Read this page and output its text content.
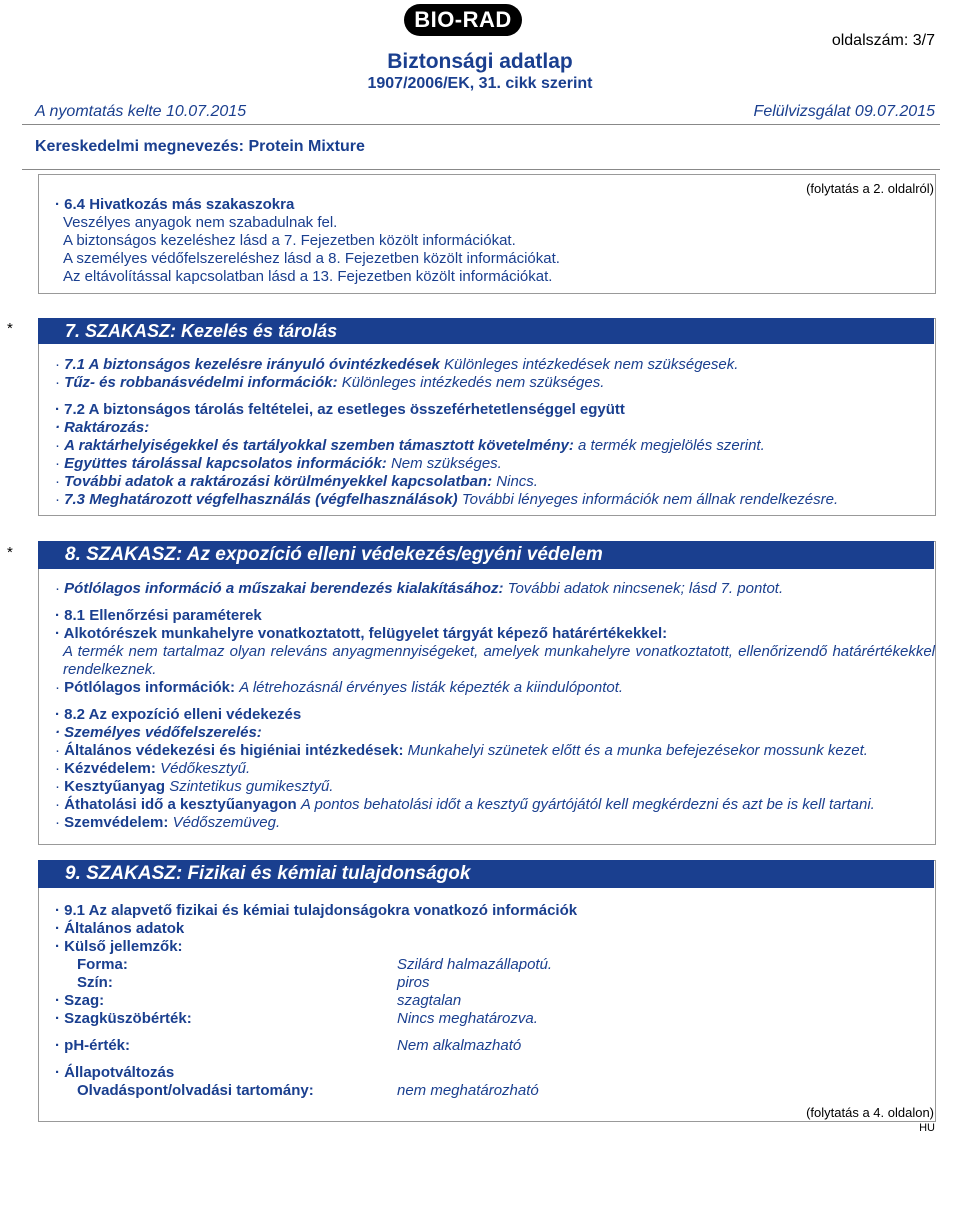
BIO-RAD
oldalszám: 3/7
Biztonsági adatlap
1907/2006/EK, 31. cikk szerint
A nyomtatás kelte 10.07.2015	Felülvizsgálat 09.07.2015
Kereskedelmi megnevezés: Protein Mixture
(folytatás a 2. oldalról)
· 6.4 Hivatkozás más szakaszokra
Veszélyes anyagok nem szabadulnak fel.
A biztonságos kezeléshez lásd a 7. Fejezetben közölt információkat.
A személyes védőfelszereléshez lásd a 8. Fejezetben közölt információkat.
Az eltávolítással kapcsolatban lásd a 13. Fejezetben közölt információkat.
*	7. SZAKASZ: Kezelés és tárolás
· 7.1 A biztonságos kezelésre irányuló óvintézkedések Különleges intézkedések nem szükségesek.
· Tűz- és robbanásvédelmi információk: Különleges intézkedés nem szükséges.
· 7.2 A biztonságos tárolás feltételei, az esetleges összeférhetetlenséggel együtt
· Raktározás:
· A raktárhelyiségekkel és tartályokkal szemben támasztott követelmény: a termék megjelölés szerint.
· Együttes tárolással kapcsolatos információk: Nem szükséges.
· További adatok a raktározási körülményekkel kapcsolatban: Nincs.
· 7.3 Meghatározott végfelhasználás (végfelhasználások) További lényeges információk nem állnak rendelkezésre.
*	8. SZAKASZ: Az expozíció elleni védekezés/egyéni védelem
· Pótlólagos információ a műszakai berendezés kialakításához: További adatok nincsenek; lásd 7. pontot.
· 8.1 Ellenőrzési paraméterek
· Alkotórészek munkahelyre vonatkoztatott, felügyelet tárgyát képező határértékekkel:
A termék nem tartalmaz olyan releváns anyagmennyiségeket, amelyek munkahelyre vonatkoztatott, ellenőrizendő határértékekkel rendelkeznek.
· Pótlólagos információk: A létrehozásnál érvényes listák képezték a kiindulópontot.
· 8.2 Az expozíció elleni védekezés
· Személyes védőfelszerelés:
· Általános védekezési és higiéniai intézkedések: Munkahelyi szünetek előtt és a munka befejezésekor mossunk kezet.
· Kézvédelem: Védőkesztyű.
· Kesztyűanyag Szintetikus gumikesztyű.
· Áthatolási idő a kesztyűanyagon A pontos behatolási időt a kesztyű gyártójától kell megkérdezni és azt be is kell tartani.
· Szemvédelem: Védőszemüveg.
9. SZAKASZ: Fizikai és kémiai tulajdonságok
· 9.1 Az alapvető fizikai és kémiai tulajdonságokra vonatkozó információk
· Általános adatok
· Külső jellemzők:
Forma:	Szilárd halmazállapotú.
Szín:	piros
· Szag:	szagtalan
· Szagküszöbérték:	Nincs meghatározva.
· pH-érték:	Nem alkalmazható
· Állapotváltozás
Olvadáspont/olvadási tartomány:	nem meghatározható
(folytatás a 4. oldalon)
HU
